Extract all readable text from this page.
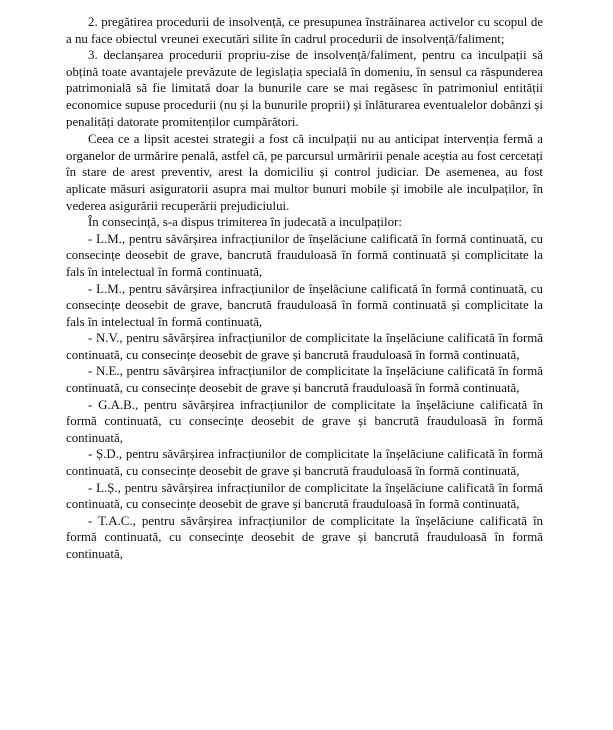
2. pregătirea procedurii de insolvență, ce presupunea înstrăinarea activelor cu scopul de a nu face obiectul vreunei executări silite în cadrul procedurii de insolvență/faliment;

3. declanșarea procedurii propriu-zise de insolvență/faliment, pentru ca inculpații să obțină toate avantajele prevăzute de legislația specială în domeniu, în sensul ca răspunderea patrimonială să fie limitată doar la bunurile care se mai regăsesc în patrimoniul entității economice supuse procedurii (nu și la bunurile proprii) și înlăturarea eventualelor dobânzi și penalități datorate promitenților cumpărători.

Ceea ce a lipsit acestei strategii a fost că inculpații nu au anticipat intervenția fermă a organelor de urmărire penală, astfel că, pe parcursul urmăririi penale aceștia au fost cercetați în stare de arest preventiv, arest la domiciliu și control judiciar. De asemenea, au fost aplicate măsuri asiguratorii asupra mai multor bunuri mobile și imobile ale inculpaților, în vederea asigurării recuperării prejudiciului.

În consecință, s-a dispus trimiterea în judecată a inculpaților:

- L.M., pentru săvârșirea infracțiunilor de înșelăciune calificată în formă continuată, cu consecințe deosebit de grave, bancrută frauduloasă în formă continuată și complicitate la fals în intelectual în formă continuată,

- L.M., pentru săvârșirea infracțiunilor de înșelăciune calificată în formă continuată, cu consecințe deosebit de grave, bancrută frauduloasă în formă continuată și complicitate la fals în intelectual în formă continuată,

- N.V., pentru săvârșirea infracțiunilor de complicitate la înșelăciune calificată în formă continuată, cu consecințe deosebit de grave și bancrută frauduloasă în formă continuată,

- N.E., pentru săvârșirea infracțiunilor de complicitate la înșelăciune calificată în formă continuată, cu consecințe deosebit de grave și bancrută frauduloasă în formă continuată,

- G.A.B., pentru săvârșirea infracțiunilor de complicitate la înșelăciune calificată în formă continuată, cu consecințe deosebit de grave și bancrută frauduloasă în formă continuată,

- Ș.D., pentru săvârșirea infracțiunilor de complicitate la înșelăciune calificată în formă continuată, cu consecințe deosebit de grave și bancrută frauduloasă în formă continuată,

- L.Ș., pentru săvârșirea infracțiunilor de complicitate la înșelăciune calificată în formă continuată, cu consecințe deosebit de grave și bancrută frauduloasă în formă continuată,

- T.A.C., pentru săvârșirea infracțiunilor de complicitate la înșelăciune calificată în formă continuată, cu consecințe deosebit de grave și bancrută frauduloasă în formă continuată,
